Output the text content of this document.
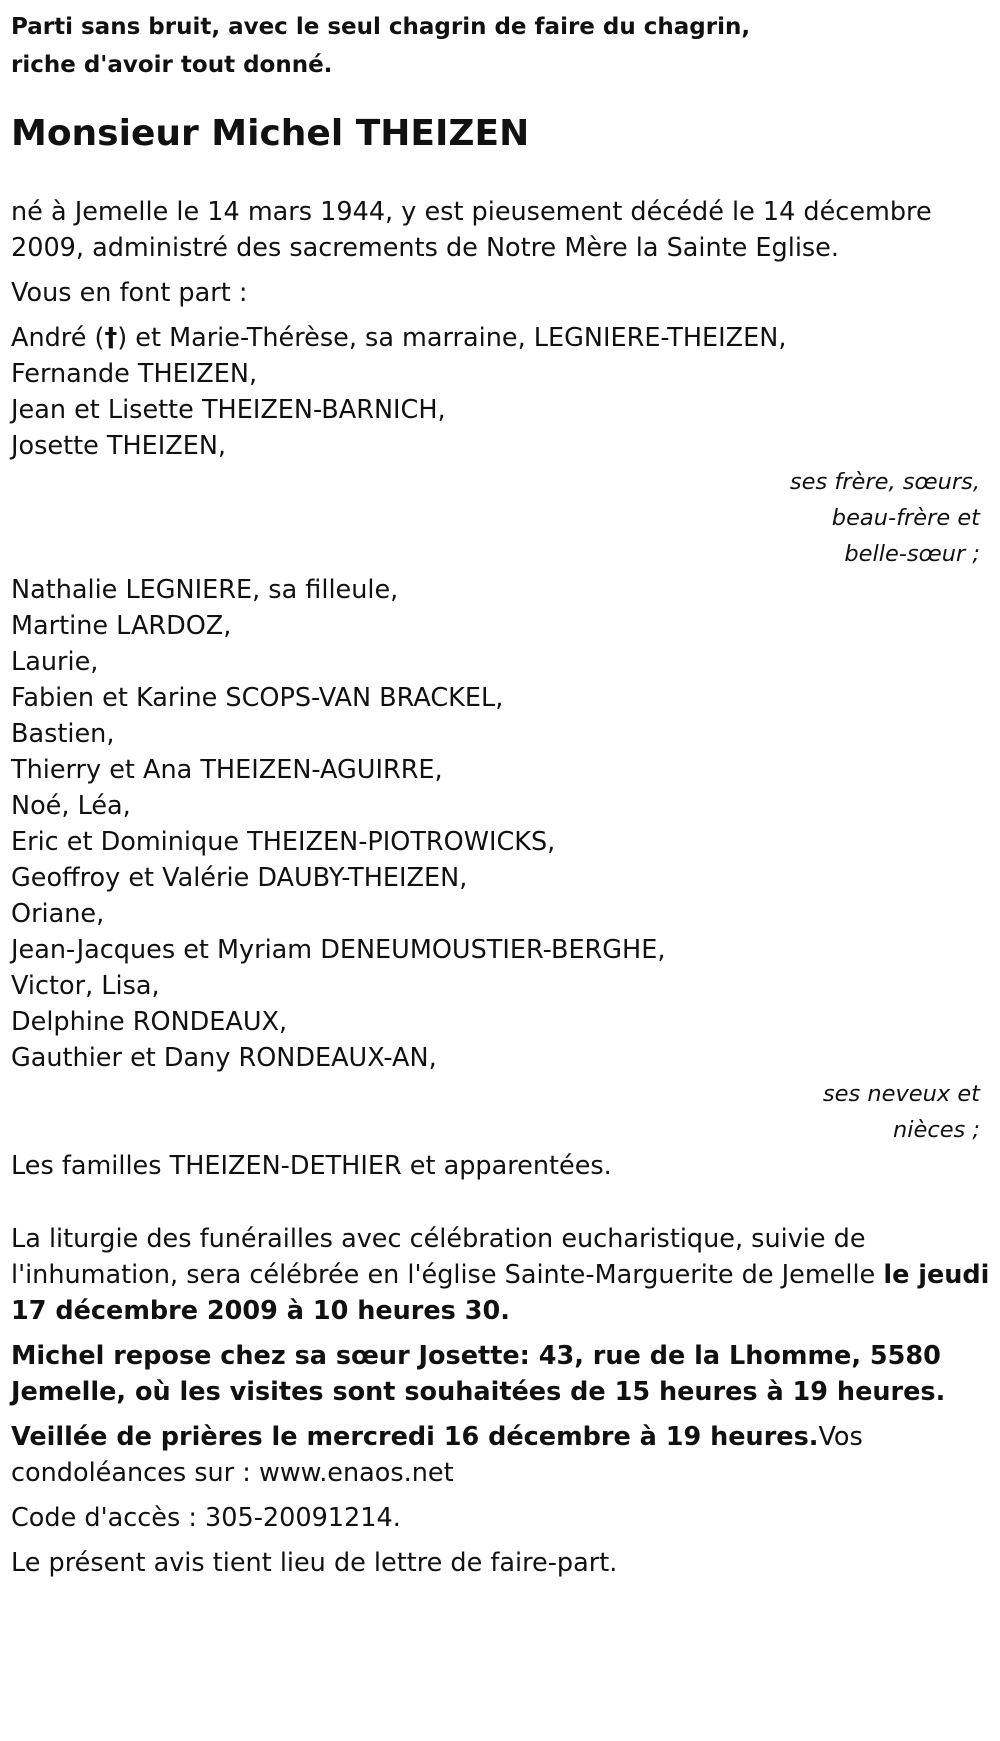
Parti sans bruit, avec le seul chagrin de faire du chagrin,
riche d'avoir tout donné.

Monsieur Michel THEIZEN

né à Jemelle le 14 mars 1944, y est pieusement décédé le 14 décembre 2009, administré des sacrements de Notre Mère la Sainte Eglise.

Vous en font part :

André (†) et Marie-Thérèse, sa marraine, LEGNIERE-THEIZEN,

Fernande THEIZEN,

Jean et Lisette THEIZEN-BARNICH,

Josette THEIZEN,

ses frère, sœurs,

beau-frère et

belle-sœur ;

Nathalie LEGNIERE, sa filleule,

Martine LARDOZ,

Laurie,

Fabien et Karine SCOPS-VAN BRACKEL,

Bastien,

Thierry et Ana THEIZEN-AGUIRRE,

Noé, Léa,

Eric et Dominique THEIZEN-PIOTROWICKS,

Geoffroy et Valérie DAUBY-THEIZEN,

Oriane,

Jean-Jacques et Myriam DENEUMOUSTIER-BERGHE,

Victor, Lisa,

Delphine RONDEAUX,

Gauthier et Dany RONDEAUX-AN,

ses neveux et

nièces ;

Les familles THEIZEN-DETHIER et apparentées.

La liturgie des funérailles avec célébration eucharistique, suivie de l'inhumation, sera célébrée en l'église Sainte-Marguerite de Jemelle le jeudi 17 décembre 2009 à 10 heures 30.

Michel repose chez sa sœur Josette: 43, rue de la Lhomme, 5580 Jemelle, où les visites sont souhaitées de 15 heures à 19 heures.

Veillée de prières le mercredi 16 décembre à 19 heures.Vos condoléances sur : www.enaos.net

Code d'accès : 305-20091214.

Le présent avis tient lieu de lettre de faire-part.
